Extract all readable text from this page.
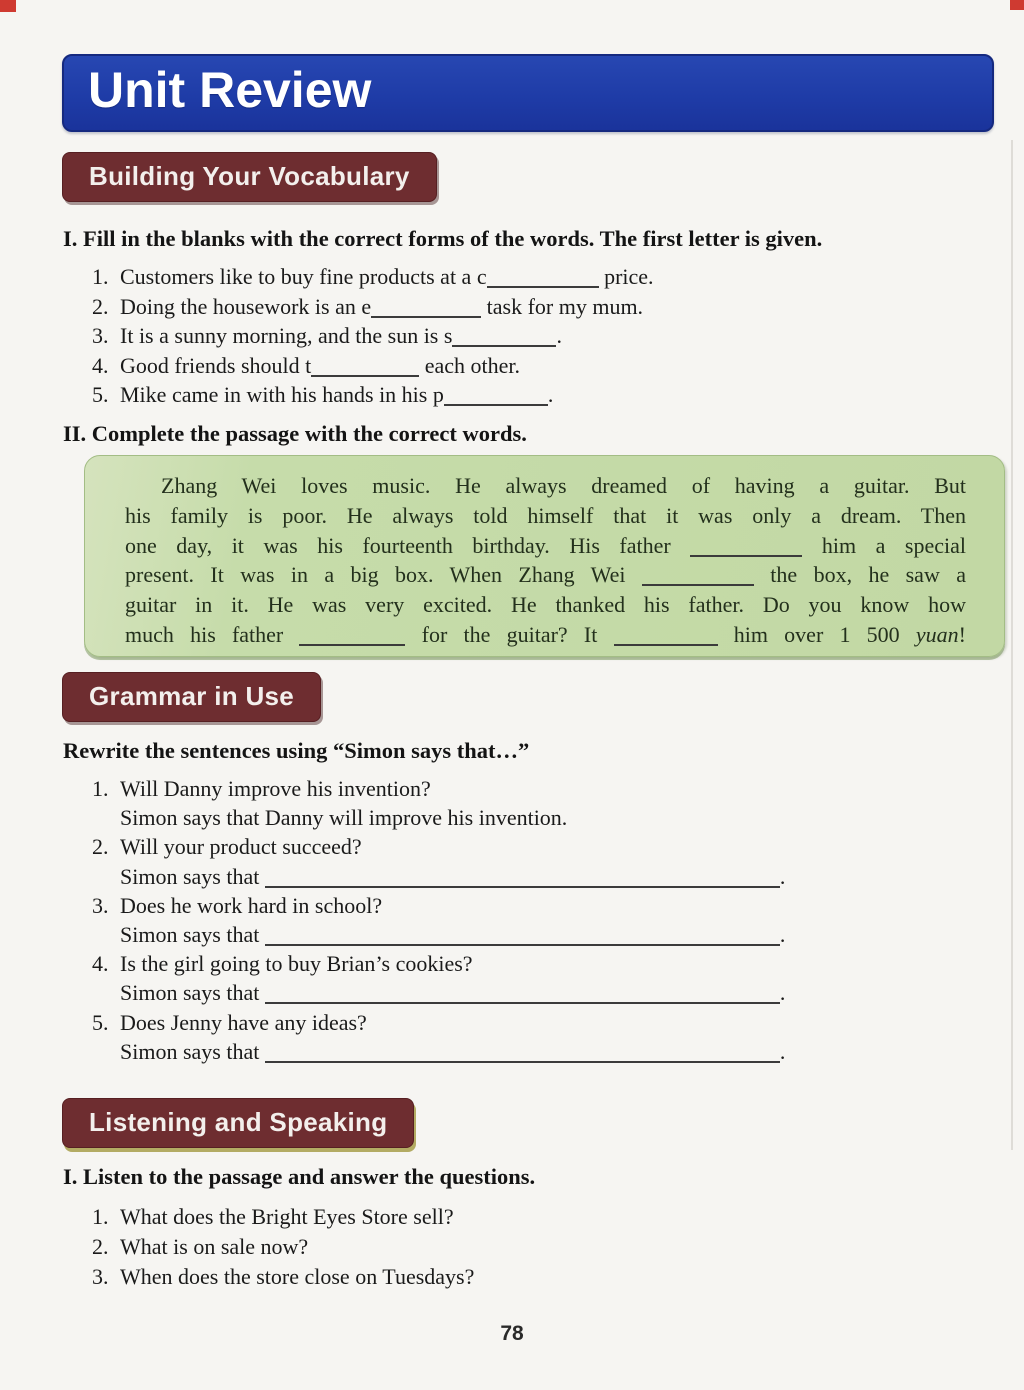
Unit Review
Building Your Vocabulary
I. Fill in the blanks with the correct forms of the words. The first letter is given.
1. Customers like to buy fine products at a c	price.
2. Doing the housework is an e	task for my mum.
3. It is a sunny morning, and the sun is s	.
4. Good friends should t	each other.
5. Mike came in with his hands in his p	.
II. Complete the passage with the correct words.
Zhang Wei loves music. He always dreamed of having a guitar. But
his family is poor. He always told himself that it was only a dream. Then
one day, it was his fourteenth birthday. His father	him a special
present. It was in a big box. When Zhang Wei	the box, he saw a
guitar in it. He was very excited. He thanked his father. Do you know how
much his father	for the guitar? It	him over 1 500 yuan!
Grammar in Use
Rewrite the sentences using “Simon says that…”
1. Will Danny improve his invention?
Simon says that Danny will improve his invention.
2. Will your product succeed?
Simon says that	.
3. Does he work hard in school?
Simon says that	.
4. Is the girl going to buy Brian’s cookies?
Simon says that	.
5. Does Jenny have any ideas?
Simon says that	.
Listening and Speaking
I. Listen to the passage and answer the questions.
1. What does the Bright Eyes Store sell?
2. What is on sale now?
3. When does the store close on Tuesdays?
78
